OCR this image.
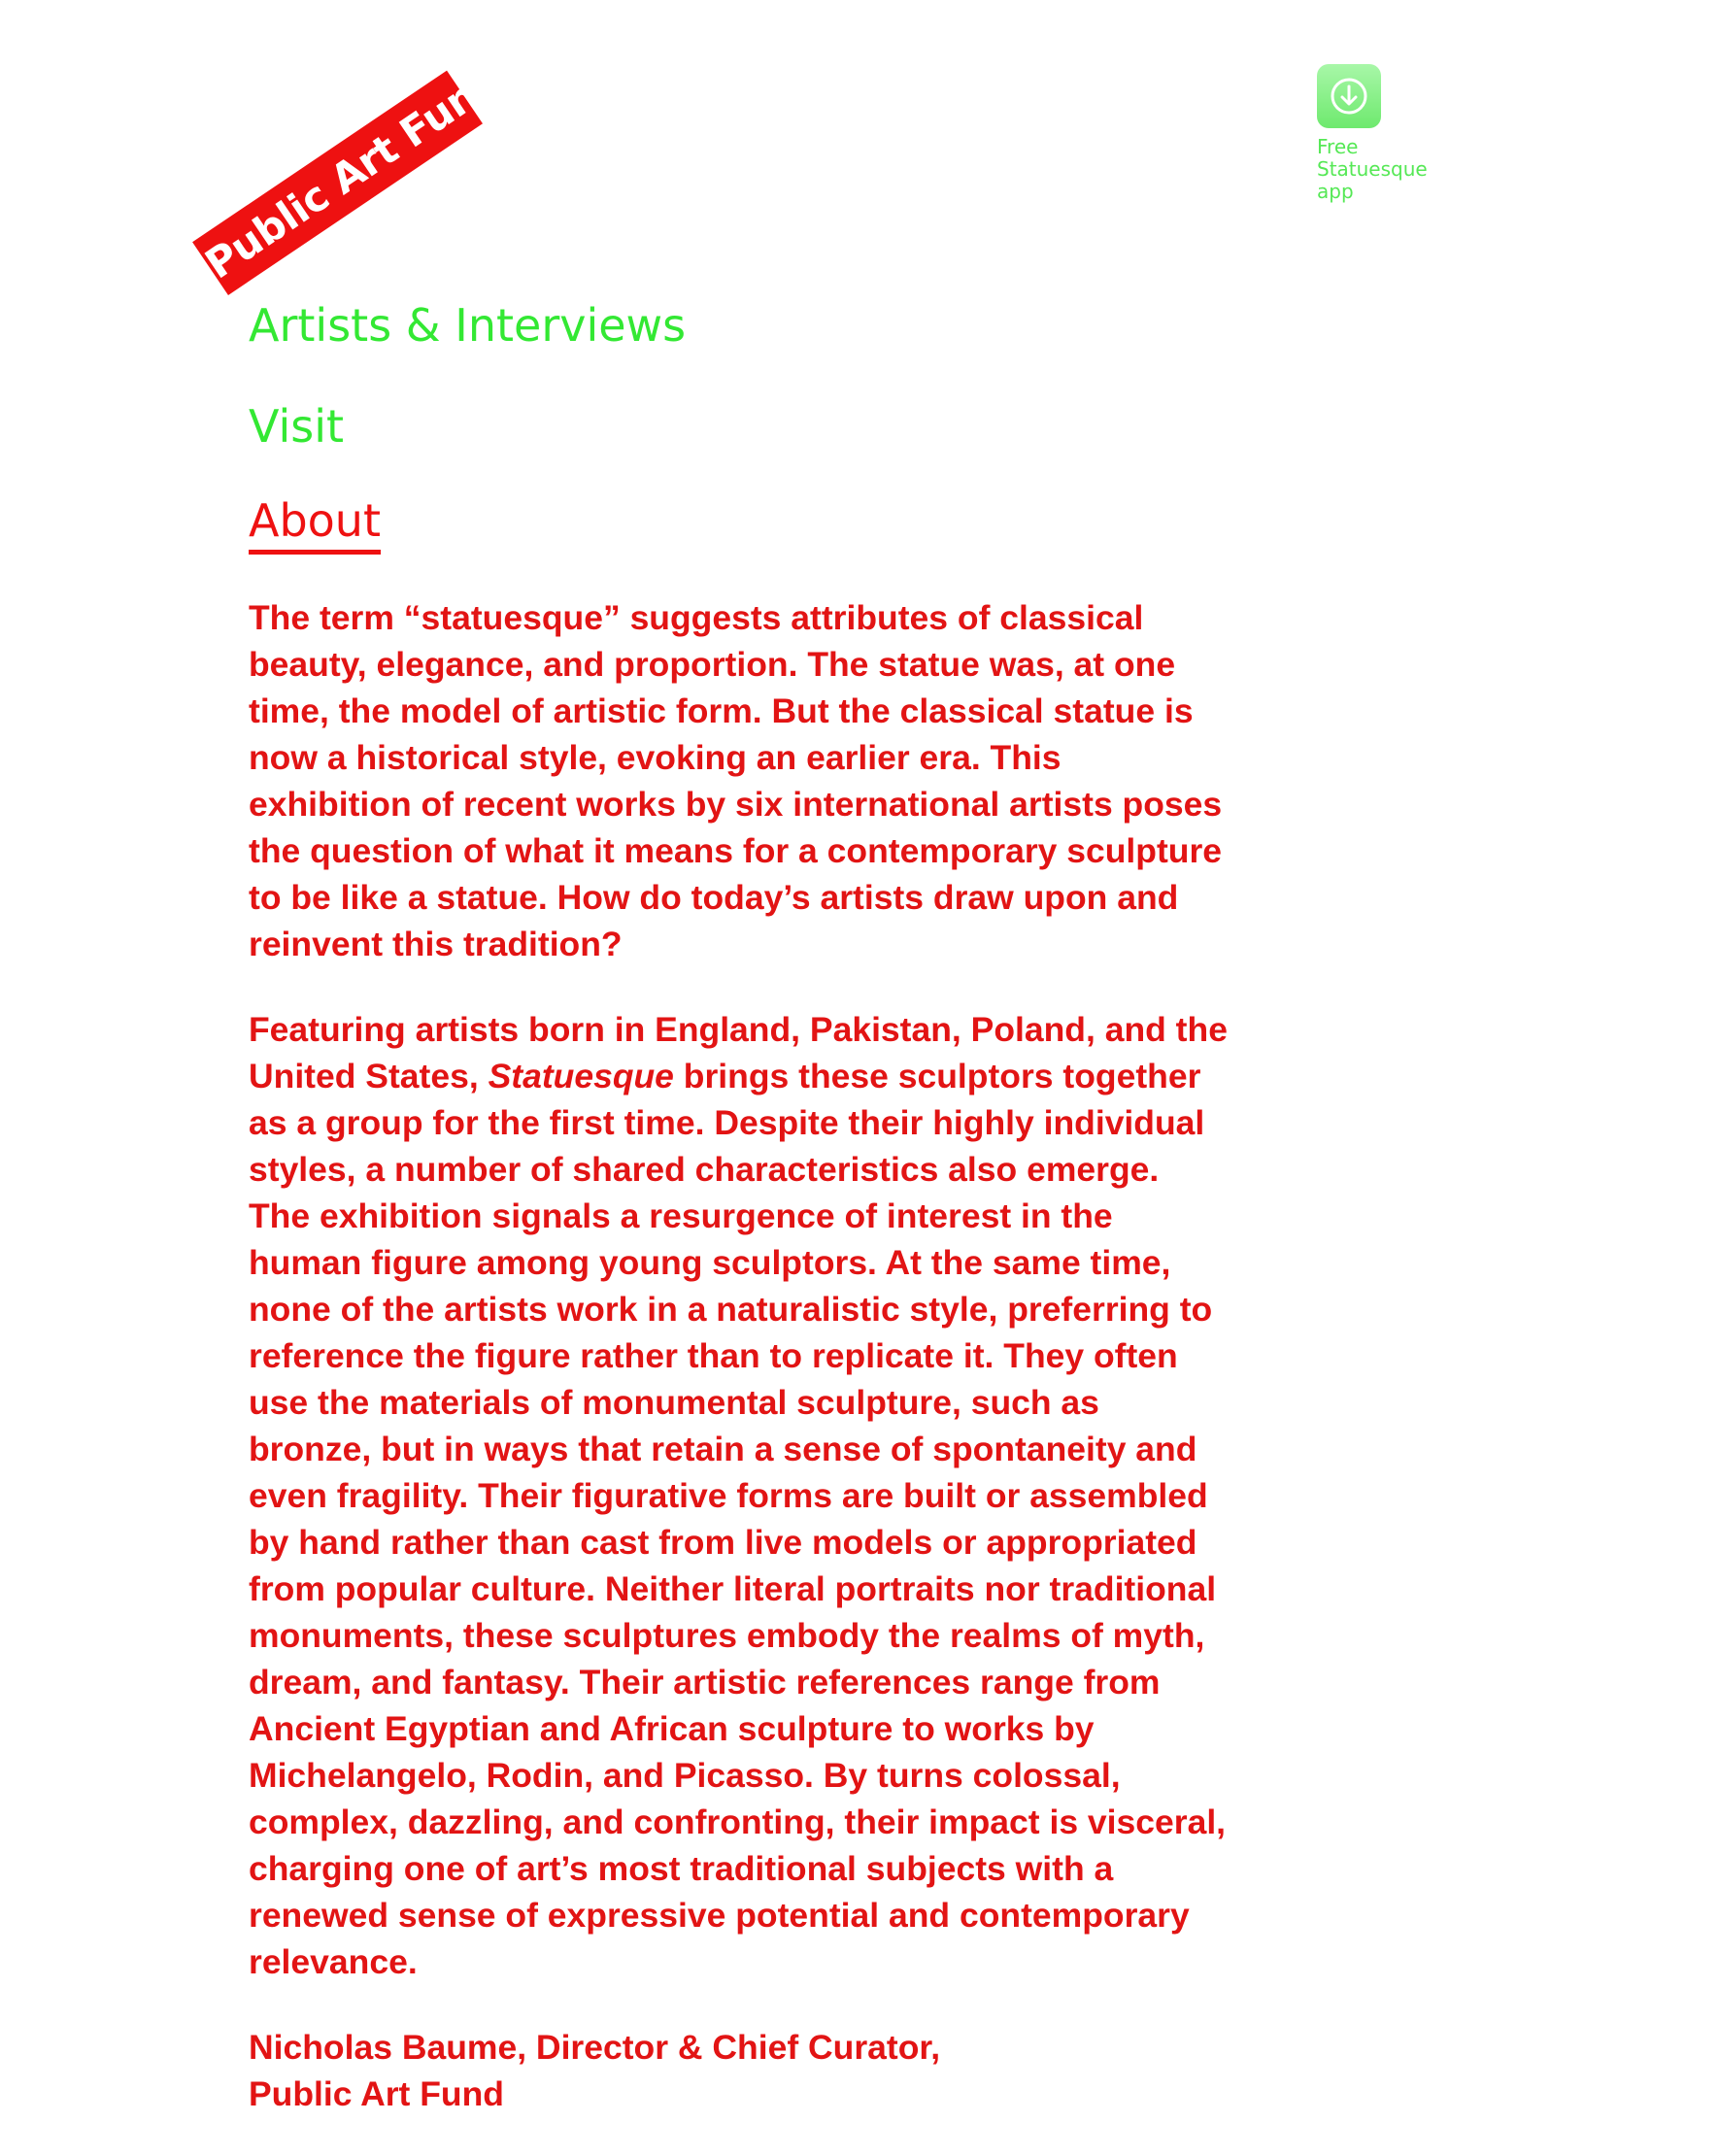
Public Art Fund	Free
Statuesque
app
Artists & Interviews
Visit
About

The term “statuesque” suggests attributes of classical beauty, elegance, and proportion. The statue was, at one time, the model of artistic form. But the classical statue is now a historical style, evoking an earlier era. This exhibition of recent works by six international artists poses the question of what it means for a contemporary sculpture to be like a statue. How do today’s artists draw upon and reinvent this tradition?

Featuring artists born in England, Pakistan, Poland, and the United States, Statuesque brings these sculptors together as a group for the first time. Despite their highly individual styles, a number of shared characteristics also emerge. The exhibition signals a resurgence of interest in the human figure among young sculptors. At the same time, none of the artists work in a naturalistic style, preferring to reference the figure rather than to replicate it. They often use the materials of monumental sculpture, such as bronze, but in ways that retain a sense of spontaneity and even fragility. Their figurative forms are built or assembled by hand rather than cast from live models or appropriated from popular culture. Neither literal portraits nor traditional monuments, these sculptures embody the realms of myth, dream, and fantasy. Their artistic references range from Ancient Egyptian and African sculpture to works by Michelangelo, Rodin, and Picasso. By turns colossal, complex, dazzling, and confronting, their impact is visceral, charging one of art’s most traditional subjects with a renewed sense of expressive potential and contemporary relevance.

Nicholas Baume, Director & Chief Curator,
Public Art Fund
